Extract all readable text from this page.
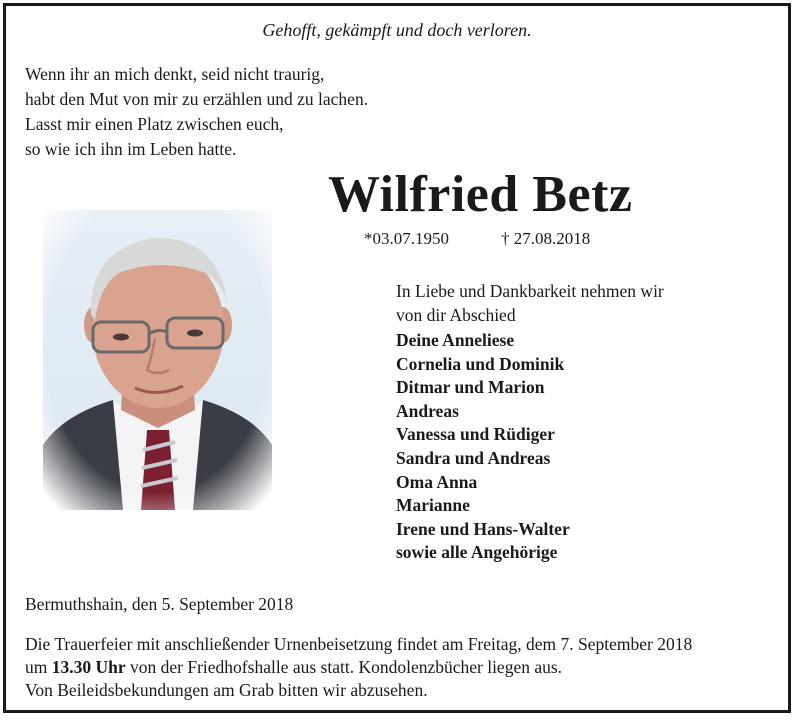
Gehofft, gekämpft und doch verloren.
Wenn ihr an mich denkt, seid nicht traurig,
habt den Mut von mir zu erzählen und zu lachen.
Lasst mir einen Platz zwischen euch,
so wie ich ihn im Leben hatte.
Wilfried Betz
*03.07.1950	† 27.08.2018
In Liebe und Dankbarkeit nehmen wir
von dir Abschied
Deine Anneliese
Cornelia und Dominik
Ditmar und Marion
Andreas
Vanessa und Rüdiger
Sandra und Andreas
Oma Anna
Marianne
Irene und Hans-Walter
sowie alle Angehörige
Bermuthshain, den 5. September 2018
Die Trauerfeier mit anschließender Urnenbeisetzung findet am Freitag, dem 7. September 2018
um 13.30 Uhr von der Friedhofshalle aus statt. Kondolenzbücher liegen aus.
Von Beileidsbekundungen am Grab bitten wir abzusehen.
